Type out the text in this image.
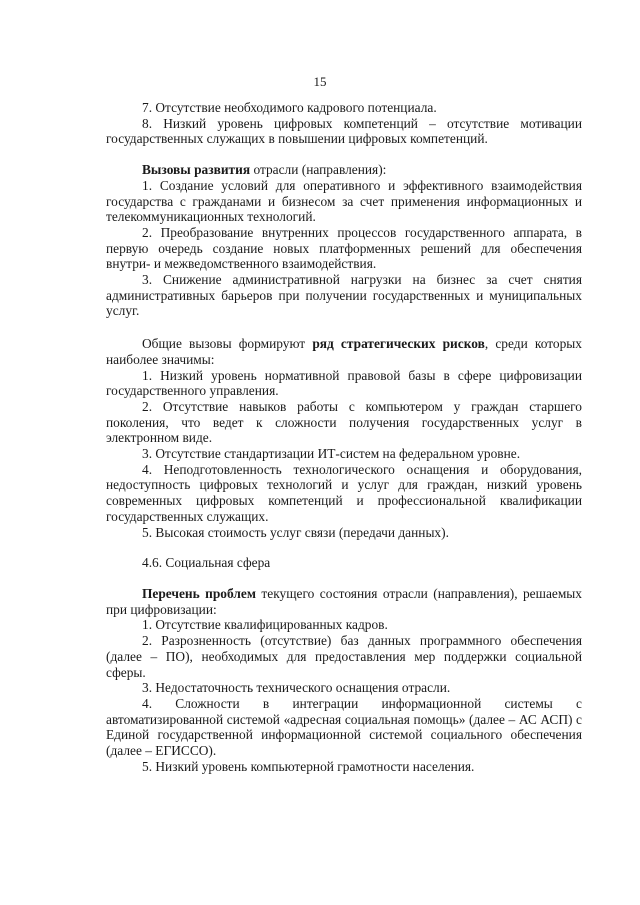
15

7. Отсутствие необходимого кадрового потенциала.

8. Низкий уровень цифровых компетенций – отсутствие мотивации государственных служащих в повышении цифровых компетенций.

Вызовы развития отрасли (направления):

1. Создание условий для оперативного и эффективного взаимодействия государства с гражданами и бизнесом за счет применения информационных и телекоммуникационных технологий.

2. Преобразование внутренних процессов государственного аппарата, в первую очередь создание новых платформенных решений для обеспечения внутри- и межведомственного взаимодействия.

3. Снижение административной нагрузки на бизнес за счет снятия административных барьеров при получении государственных и муниципальных услуг.

Общие вызовы формируют ряд стратегических рисков, среди которых наиболее значимы:

1. Низкий уровень нормативной правовой базы в сфере цифровизации государственного управления.

2. Отсутствие навыков работы с компьютером у граждан старшего поколения, что ведет к сложности получения государственных услуг в электронном виде.

3. Отсутствие стандартизации ИТ-систем на федеральном уровне.

4. Неподготовленность технологического оснащения и оборудования, недоступность цифровых технологий и услуг для граждан, низкий уровень современных цифровых компетенций и профессиональной квалификации государственных служащих.

5. Высокая стоимость услуг связи (передачи данных).

4.6. Социальная сфера

Перечень проблем текущего состояния отрасли (направления), решаемых при цифровизации:

1. Отсутствие квалифицированных кадров.

2. Разрозненность (отсутствие) баз данных программного обеспечения (далее – ПО), необходимых для предоставления мер поддержки социальной сферы.

3. Недостаточность технического оснащения отрасли.

4. Сложности в интеграции информационной системы с автоматизированной системой «адресная социальная помощь» (далее – АС АСП) с Единой государственной информационной системой социального обеспечения (далее – ЕГИССО).

5. Низкий уровень компьютерной грамотности населения.
